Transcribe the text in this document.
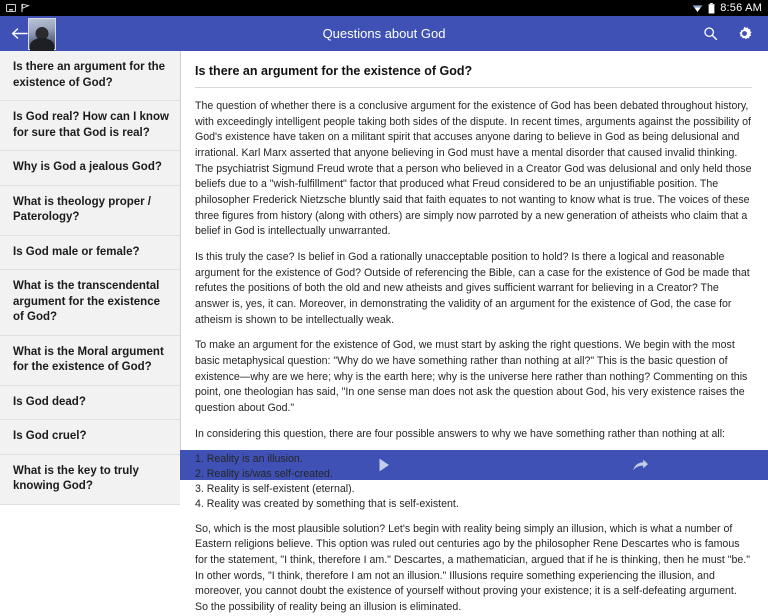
8:56 AM
Questions about God
Is there an argument for the existence of God?
Is God real? How can I know for sure that God is real?
Why is God a jealous God?
What is theology proper / Paterology?
Is God male or female?
What is the transcendental argument for the existence of God?
What is the Moral argument for the existence of God?
Is God dead?
Is God cruel?
What is the key to truly knowing God?
Is there an argument for the existence of God?

The question of whether there is a conclusive argument for the existence of God has been debated throughout history, with exceedingly intelligent people taking both sides of the dispute. In recent times, arguments against the possibility of God's existence have taken on a militant spirit that accuses anyone daring to believe in God as being delusional and irrational. Karl Marx asserted that anyone believing in God must have a mental disorder that caused invalid thinking. The psychiatrist Sigmund Freud wrote that a person who believed in a Creator God was delusional and only held those beliefs due to a "wish-fulfillment" factor that produced what Freud considered to be an unjustifiable position. The philosopher Frederick Nietzsche bluntly said that faith equates to not wanting to know what is true. The voices of these three figures from history (along with others) are simply now parroted by a new generation of atheists who claim that a belief in God is intellectually unwarranted.

Is this truly the case? Is belief in God a rationally unacceptable position to hold? Is there a logical and reasonable argument for the existence of God? Outside of referencing the Bible, can a case for the existence of God be made that refutes the positions of both the old and new atheists and gives sufficient warrant for believing in a Creator? The answer is, yes, it can. Moreover, in demonstrating the validity of an argument for the existence of God, the case for atheism is shown to be intellectually weak.

To make an argument for the existence of God, we must start by asking the right questions. We begin with the most basic metaphysical question: "Why do we have something rather than nothing at all?" This is the basic question of existence—why are we here; why is the earth here; why is the universe here rather than nothing? Commenting on this point, one theologian has said, "In one sense man does not ask the question about God, his very existence raises the question about God."

In considering this question, there are four possible answers to why we have something rather than nothing at all:

1. Reality is an illusion.
2. Reality is/was self-created.
3. Reality is self-existent (eternal).
4. Reality was created by something that is self-existent.

So, which is the most plausible solution? Let's begin with reality being simply an illusion, which is what a number of Eastern religions believe. This option was ruled out centuries ago by the philosopher Rene Descartes who is famous for the statement, "I think, therefore I am." Descartes, a mathematician, argued that if he is thinking, then he must "be." In other words, "I think, therefore I am not an illusion." Illusions require something experiencing the illusion, and moreover, you cannot doubt the existence of yourself without proving your existence; it is a self-defeating argument. So the possibility of reality being an illusion is eliminated.
